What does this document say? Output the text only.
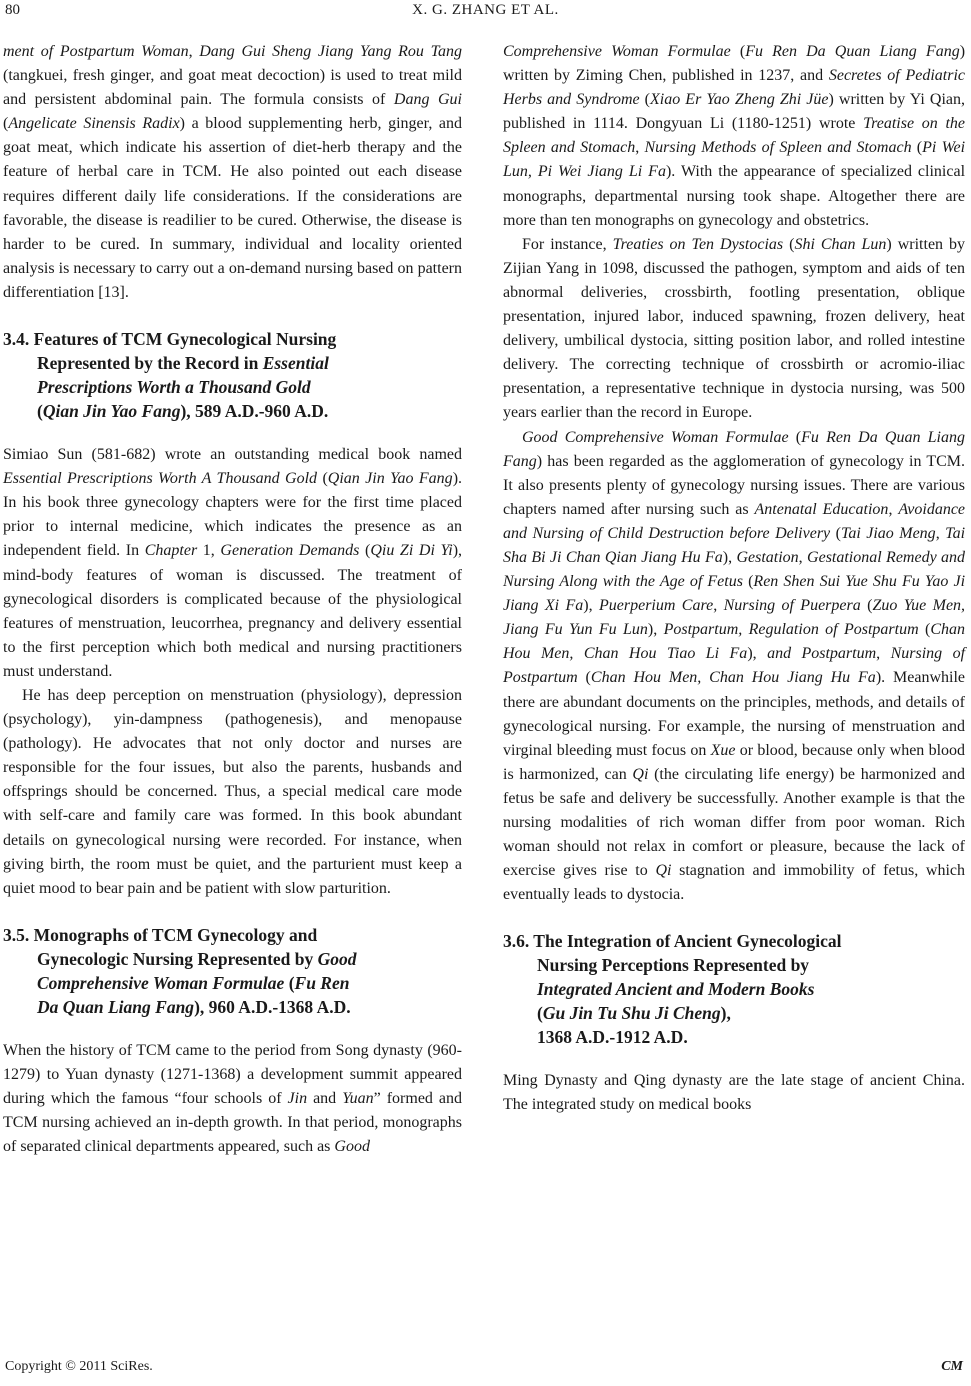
80	X. G. ZHANG ET AL.

ment of Postpartum Woman, Dang Gui Sheng Jiang Yang Rou Tang (tangkuei, fresh ginger, and goat meat decoction) is used to treat mild and persistent abdominal pain. The formula consists of Dang Gui (Angelicate Sinensis Radix) a blood supplementing herb, ginger, and goat meat, which indicate his assertion of diet-herb therapy and the feature of herbal care in TCM. He also pointed out each disease requires different daily life considerations. If the considerations are favorable, the disease is readilier to be cured. Otherwise, the disease is harder to be cured. In summary, individual and locality oriented analysis is necessary to carry out a on-demand nursing based on pattern differentiation [13].

3.4. Features of TCM Gynecological Nursing
Represented by the Record in Essential
Prescriptions Worth a Thousand Gold
(Qian Jin Yao Fang), 589 A.D.-960 A.D.

Simiao Sun (581-682) wrote an outstanding medical book named Essential Prescriptions Worth A Thousand Gold (Qian Jin Yao Fang). In his book three gynecology chapters were for the first time placed prior to internal medicine, which indicates the presence as an independent field. In Chapter 1, Generation Demands (Qiu Zi Di Yi), mind-body features of woman is discussed. The treatment of gynecological disorders is complicated because of the physiological features of menstruation, leucorrhea, pregnancy and delivery essential to the first perception which both medical and nursing practitioners must understand.

He has deep perception on menstruation (physiology), depression (psychology), yin-dampness (pathogenesis), and menopause (pathology). He advocates that not only doctor and nurses are responsible for the four issues, but also the parents, husbands and offsprings should be concerned. Thus, a special medical care mode with self-care and family care was formed. In this book abundant details on gynecological nursing were recorded. For instance, when giving birth, the room must be quiet, and the parturient must keep a quiet mood to bear pain and be patient with slow parturition.

3.5. Monographs of TCM Gynecology and
Gynecologic Nursing Represented by Good
Comprehensive Woman Formulae (Fu Ren
Da Quan Liang Fang), 960 A.D.-1368 A.D.

When the history of TCM came to the period from Song dynasty (960-1279) to Yuan dynasty (1271-1368) a development summit appeared during which the famous “four schools of Jin and Yuan” formed and TCM nursing achieved an in-depth growth. In that period, monographs of separated clinical departments appeared, such as Good

Comprehensive Woman Formulae (Fu Ren Da Quan Liang Fang) written by Ziming Chen, published in 1237, and Secretes of Pediatric Herbs and Syndrome (Xiao Er Yao Zheng Zhi Jüe) written by Yi Qian, published in 1114. Dongyuan Li (1180-1251) wrote Treatise on the Spleen and Stomach, Nursing Methods of Spleen and Stomach (Pi Wei Lun, Pi Wei Jiang Li Fa). With the appearance of specialized clinical monographs, departmental nursing took shape. Altogether there are more than ten monographs on gynecology and obstetrics.

For instance, Treaties on Ten Dystocias (Shi Chan Lun) written by Zijian Yang in 1098, discussed the pathogen, symptom and aids of ten abnormal deliveries, crossbirth, footling presentation, oblique presentation, injured labor, induced spawning, frozen delivery, heat delivery, umbilical dystocia, sitting position labor, and rolled intestine delivery. The correcting technique of crossbirth or acromio-iliac presentation, a representative technique in dystocia nursing, was 500 years earlier than the record in Europe.

Good Comprehensive Woman Formulae (Fu Ren Da Quan Liang Fang) has been regarded as the agglomeration of gynecology in TCM. It also presents plenty of gynecology nursing issues. There are various chapters named after nursing such as Antenatal Education, Avoidance and Nursing of Child Destruction before Delivery (Tai Jiao Meng, Tai Sha Bi Ji Chan Qian Jiang Hu Fa), Gestation, Gestational Remedy and Nursing Along with the Age of Fetus (Ren Shen Sui Yue Shu Fu Yao Ji Jiang Xi Fa), Puerperium Care, Nursing of Puerpera (Zuo Yue Men, Jiang Fu Yun Fu Lun), Postpartum, Regulation of Postpartum (Chan Hou Men, Chan Hou Tiao Li Fa), and Postpartum, Nursing of Postpartum (Chan Hou Men, Chan Hou Jiang Hu Fa). Meanwhile there are abundant documents on the principles, methods, and details of gynecological nursing. For example, the nursing of menstruation and virginal bleeding must focus on Xue or blood, because only when blood is harmonized, can Qi (the circulating life energy) be harmonized and fetus be safe and delivery be successfully. Another example is that the nursing modalities of rich woman differ from poor woman. Rich woman should not relax in comfort or pleasure, because the lack of exercise gives rise to Qi stagnation and immobility of fetus, which eventually leads to dystocia.

3.6. The Integration of Ancient Gynecological
Nursing Perceptions Represented by
Integrated Ancient and Modern Books
(Gu Jin Tu Shu Ji Cheng),
1368 A.D.-1912 A.D.

Ming Dynasty and Qing dynasty are the late stage of ancient China. The integrated study on medical books

Copyright © 2011 SciRes.	CM
